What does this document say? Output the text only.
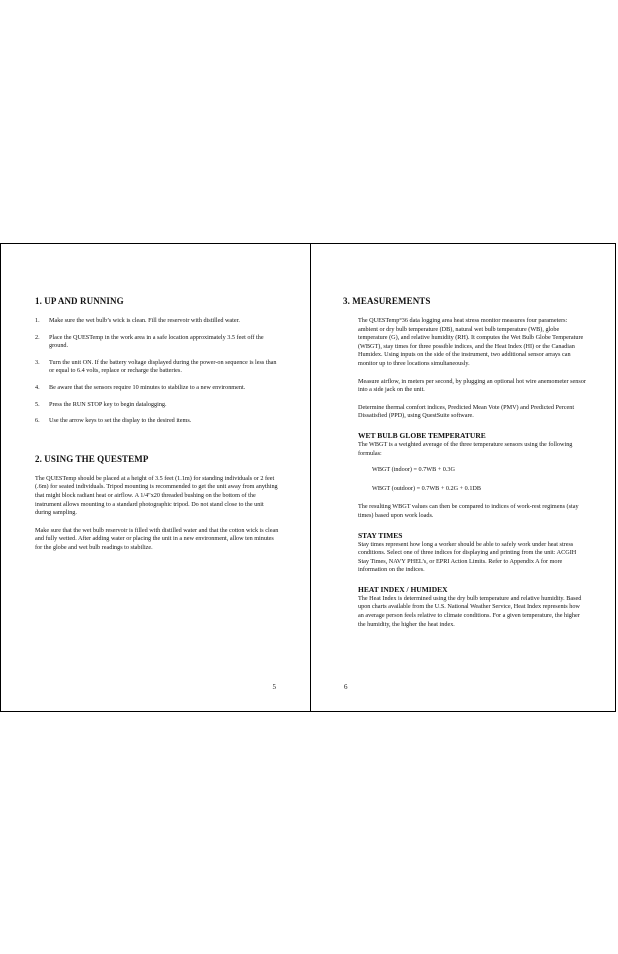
1. UP AND RUNNING
1. Make sure the wet bulb’s wick is clean. Fill the reservoir with distilled water.
2. Place the QUESTemp in the work area in a safe location approximately 3.5 feet off the ground.
3. Turn the unit ON. If the battery voltage displayed during the power-on sequence is less than or equal to 6.4 volts, replace or recharge the batteries.
4. Be aware that the sensors require 10 minutes to stabilize to a new environment.
5. Press the RUN STOP key to begin datalogging.
6. Use the arrow keys to set the display to the desired items.
2. USING THE QUESTEMP

The QUESTemp should be placed at a height of 3.5 feet (1.1m) for standing individuals or 2 feet (.6m) for seated individuals. Tripod mounting is recommended to get the unit away from anything that might block radiant heat or airflow. A 1/4"x20 threaded bushing on the bottom of the instrument allows mounting to a standard photographic tripod. Do not stand close to the unit during sampling.

Make sure that the wet bulb reservoir is filled with distilled water and that the cotton wick is clean and fully wetted. After adding water or placing the unit in a new environment, allow ten minutes for the globe and wet bulb readings to stabilize.

5
3. MEASUREMENTS

The QUESTemp°36 data logging area heat stress monitor measures four parameters: ambient or dry bulb temperature (DB), natural wet bulb temperature (WB), globe temperature (G), and relative humidity (RH). It computes the Wet Bulb Globe Temperature (WBGT), stay times for three possible indices, and the Heat Index (HI) or the Canadian Humidex. Using inputs on the side of the instrument, two additional sensor arrays can monitor up to three locations simultaneously.

Measure airflow, in meters per second, by plugging an optional hot wire anemometer sensor into a side jack on the unit.

Determine thermal comfort indices, Predicted Mean Vote (PMV) and Predicted Percent Dissatisfied (PPD), using QuestSuite software.

WET BULB GLOBE TEMPERATURE

The WBGT is a weighted average of the three temperature sensors using the following formulas:

WBGT (indoor) = 0.7WB + 0.3G
WBGT (outdoor) = 0.7WB + 0.2G + 0.1DB

The resulting WBGT values can then be compared to indices of work-rest regimens (stay times) based upon work loads.

STAY TIMES

Stay times represent how long a worker should be able to safely work under heat stress conditions. Select one of three indices for displaying and printing from the unit: ACGIH Stay Times, NAVY PHEL’s, or EPRI Action Limits. Refer to Appendix A for more information on the indices.

HEAT INDEX / HUMIDEX

The Heat Index is determined using the dry bulb temperature and relative humidity. Based upon charts available from the U.S. National Weather Service, Heat Index represents how an average person feels relative to climate conditions. For a given temperature, the higher the humidity, the higher the heat index.

6
